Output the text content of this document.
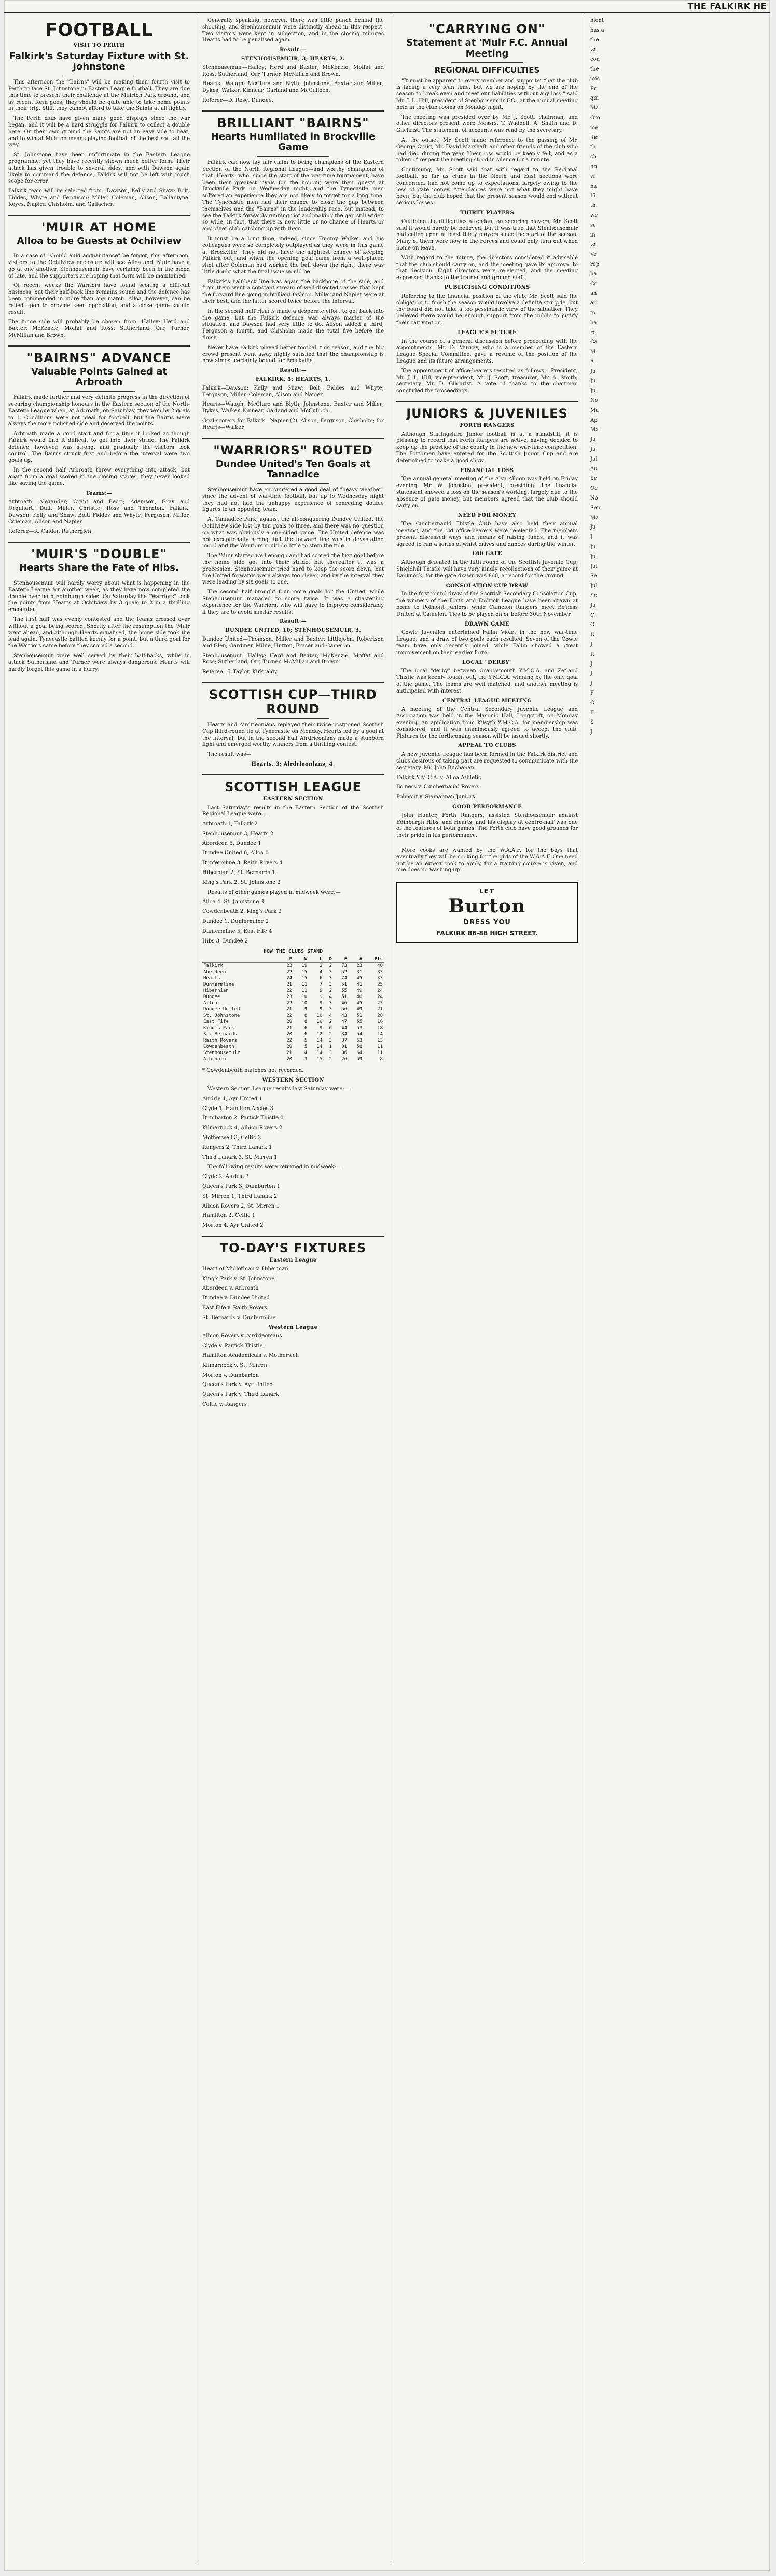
THE FALKIRK HE
FOOTBALL
VISIT TO PERTH
Falkirk's Saturday Fixture with St. Johnstone

This afternoon the "Bairns" will be making their fourth visit to Perth to face St. Johnstone in Eastern League football. They are due this time to present their challenge at the Muirton Park ground, and as recent form goes, they should be quite able to take home points in their trip. Still, they cannot afford to take the Saints at all lightly.

The Perth club have given many good displays since the war began, and it will be a hard struggle for Falkirk to collect a double here. On their own ground the Saints are not an easy side to beat, and to win at Muirton means playing football of the best sort all the way.

St. Johnstone have been unfortunate in the Eastern League programme, yet they have recently shown much better form. Their attack has given trouble to several sides, and with Dawson again likely to command the defence, Falkirk will not be left with much scope for error.

Falkirk team will be selected from—Dawson, Kelly and Shaw; Bolt, Fiddes, Whyte and Ferguson; Miller, Coleman, Alison, Ballantyne, Keyes, Napier, Chisholm, and Gallacher.

'MUIR AT HOME
Alloa to be Guests at Ochilview

In a case of "should auld acquaintance" be forgot, this afternoon, visitors to the Ochilview enclosure will see Alloa and 'Muir have a go at one another. Stenhousemuir have certainly been in the mood of late, and the supporters are hoping that form will be maintained.

Of recent weeks the Warriors have found scoring a difficult business, but their half-back line remains sound and the defence has been commended in more than one match. Alloa, however, can be relied upon to provide keen opposition, and a close game should result.

The home side will probably be chosen from—Halley; Herd and Baxter; McKenzie, Moffat and Ross; Sutherland, Orr, Turner, McMillan and Brown.

"BAIRNS" ADVANCE
Valuable Points Gained at Arbroath

Falkirk made further and very definite progress in the direction of securing championship honours in the Eastern section of the North-Eastern League when, at Arbroath, on Saturday, they won by 2 goals to 1. Conditions were not ideal for football, but the Bairns were always the more polished side and deserved the points.

Arbroath made a good start and for a time it looked as though Falkirk would find it difficult to get into their stride. The Falkirk defence, however, was strong, and gradually the visitors took control. The Bairns struck first and before the interval were two goals up.

In the second half Arbroath threw everything into attack, but apart from a goal scored in the closing stages, they never looked like saving the game.

Teams:—

Arbroath: Alexander; Craig and Becci; Adamson, Gray and Urquhart; Duff, Miller, Christie, Ross and Thornton. Falkirk: Dawson; Kelly and Shaw; Bolt, Fiddes and Whyte; Ferguson, Miller, Coleman, Alison and Napier.

Referee—R. Calder, Rutherglen.

'MUIR'S "DOUBLE"
Hearts Share the Fate of Hibs.

Stenhousemuir will hardly worry about what is happening in the Eastern League for another week, as they have now completed the double over both Edinburgh sides. On Saturday the "Warriors" took the points from Hearts at Ochilview by 3 goals to 2 in a thrilling encounter.

The first half was evenly contested and the teams crossed over without a goal being scored. Shortly after the resumption the 'Muir went ahead, and although Hearts equalised, the home side took the lead again. Tynecastle battled keenly for a point, but a third goal for the Warriors came before they scored a second.

Stenhousemuir were well served by their half-backs, while in attack Sutherland and Turner were always dangerous. Hearts will hardly forget this game in a hurry.

Generally speaking, however, there was little punch behind the shooting, and Stenhousemuir were distinctly ahead in this respect. Two visitors were kept in subjection, and in the closing minutes Hearts had to be penalised again.

Result:—
STENHOUSEMUIR, 3; HEARTS, 2.

Stenhousemuir—Halley; Herd and Baxter; McKenzie, Moffat and Ross; Sutherland, Orr, Turner, McMillan and Brown.

Hearts—Waugh; McClure and Blyth; Johnstone, Baxter and Miller; Dykes, Walker, Kinnear, Garland and McCulloch.

Referee—D. Rose, Dundee.

BRILLIANT "BAIRNS"
Hearts Humiliated in Brockville Game

Falkirk can now lay fair claim to being champions of the Eastern Section of the North Regional League—and worthy champions of that. Hearts, who, since the start of the war-time tournament, have been their greatest rivals for the honour, were their guests at Brockville Park on Wednesday night, and the Tynecastle men suffered an experience they are not likely to forget for a long time. The Tynecastle men had their chance to close the gap between themselves and the "Bairns" in the leadership race, but instead, to see the Falkirk forwards running riot and making the gap still wider, so wide, in fact, that there is now little or no chance of Hearts or any other club catching up with them.

It must be a long time, indeed, since Tommy Walker and his colleagues were so completely outplayed as they were in this game at Brockville. They did not have the slightest chance of keeping Falkirk out, and when the opening goal came from a well-placed shot after Coleman had worked the ball down the right, there was little doubt what the final issue would be.

Falkirk's half-back line was again the backbone of the side, and from them went a constant stream of well-directed passes that kept the forward line going in brilliant fashion. Miller and Napier were at their best, and the latter scored twice before the interval.

In the second half Hearts made a desperate effort to get back into the game, but the Falkirk defence was always master of the situation, and Dawson had very little to do. Alison added a third, Ferguson a fourth, and Chisholm made the total five before the finish.

Never have Falkirk played better football this season, and the big crowd present went away highly satisfied that the championship is now almost certainly bound for Brockville.

Result:—
FALKIRK, 5; HEARTS, 1.

Falkirk—Dawson; Kelly and Shaw; Bolt, Fiddes and Whyte; Ferguson, Miller, Coleman, Alison and Napier.

Hearts—Waugh; McClure and Blyth; Johnstone, Baxter and Miller; Dykes, Walker, Kinnear, Garland and McCulloch.

Goal-scorers for Falkirk—Napier (2), Alison, Ferguson, Chisholm; for Hearts—Walker.

"WARRIORS" ROUTED
Dundee United's Ten Goals at Tannadice

Stenhousemuir have encountered a good deal of "heavy weather" since the advent of war-time football, but up to Wednesday night they had not had the unhappy experience of conceding double figures to an opposing team.

At Tannadice Park, against the all-conquering Dundee United, the Ochilview side lost by ten goals to three, and there was no question on what was obviously a one-sided game. The United defence was not exceptionally strong, but the forward line was in devastating mood and the Warriors could do little to stem the tide.

The 'Muir started well enough and had scored the first goal before the home side got into their stride, but thereafter it was a procession. Stenhousemuir tried hard to keep the score down, but the United forwards were always too clever, and by the interval they were leading by six goals to one.

The second half brought four more goals for the United, while Stenhousemuir managed to score twice. It was a chastening experience for the Warriors, who will have to improve considerably if they are to avoid similar results.

Result:—
DUNDEE UNITED, 10; STENHOUSEMUIR, 3.

Dundee United—Thomson; Miller and Baxter; Littlejohn, Robertson and Glen; Gardiner, Milne, Hutton, Fraser and Cameron.

Stenhousemuir—Halley; Herd and Baxter; McKenzie, Moffat and Ross; Sutherland, Orr, Turner, McMillan and Brown.

Referee—J. Taylor, Kirkcaldy.

SCOTTISH CUP—THIRD ROUND

Hearts and Airdrieonians replayed their twice-postponed Scottish Cup third-round tie at Tynecastle on Monday. Hearts led by a goal at the interval, but in the second half Airdrieonians made a stubborn fight and emerged worthy winners from a thrilling contest.

The result was—

Hearts, 3; Airdrieonians, 4.
SCOTTISH LEAGUE
EASTERN SECTION

Last Saturday's results in the Eastern Section of the Scottish Regional League were:—

Arbroath 1, Falkirk 2
Stenhousemuir 3, Hearts 2
Aberdeen 5, Dundee 1
Dundee United 6, Alloa 0
Dunfermline 3, Raith Rovers 4
Hibernian 2, St. Bernards 1
King's Park 2, St. Johnstone 2

Results of other games played in midweek were:—

Alloa 4, St. Johnstone 3
Cowdenbeath 2, King's Park 2
Dundee 1, Dunfermline 2
Dunfermline 5, East Fife 4
Hibs 3, Dundee 2
HOW THE CLUBS STAND
	P	W	L	D	F	A	Pts
Falkirk	23	19	2	2	73	23	40
Aberdeen	22	15	4	3	52	31	33
Hearts	24	15	6	3	74	45	33
Dunfermline	21	11	7	3	51	41	25
Hibernian	22	11	9	2	55	49	24
Dundee	23	10	9	4	51	46	24
Alloa	22	10	9	3	46	45	23
Dundee United	21	9	9	3	56	49	21
St. Johnstone	22	8	10	4	43	51	20
East Fife	20	8	10	2	47	55	18
King's Park	21	6	9	6	44	53	18
St. Bernards	20	6	12	2	34	54	14
Raith Rovers	22	5	14	3	37	63	13
Cowdenbeath	20	5	14	1	31	58	11
Stenhousemuir	21	4	14	3	36	64	11
Arbroath	20	3	15	2	26	59	8
* Cowdenbeath matches not recorded.
WESTERN SECTION

Western Section League results last Saturday were:—

Airdrie 4, Ayr United 1
Clyde 1, Hamilton Accies 3
Dumbarton 2, Partick Thistle 0
Kilmarnock 4, Albion Rovers 2
Motherwell 3, Celtic 2
Rangers 2, Third Lanark 1
Third Lanark 3, St. Mirren 1

The following results were returned in midweek:—

Clyde 2, Airdrie 3
Queen's Park 3, Dumbarton 1
St. Mirren 1, Third Lanark 2
Albion Rovers 2, St. Mirren 1
Hamilton 2, Celtic 1
Morton 4, Ayr United 2
TO-DAY'S FIXTURES
Eastern League
Heart of Midlothian v. Hibernian
King's Park v. St. Johnstone
Aberdeen v. Arbroath
Dundee v. Dundee United
East Fife v. Raith Rovers
St. Bernards v. Dunfermline
Western League
Albion Rovers v. Airdrieonians
Clyde v. Partick Thistle
Hamilton Academicals v. Motherwell
Kilmarnock v. St. Mirren
Morton v. Dumbarton
Queen's Park v. Ayr United
Queen's Park v. Third Lanark
Celtic v. Rangers
"CARRYING ON"
Statement at 'Muir F.C. Annual Meeting
REGIONAL DIFFICULTIES

"It must be apparent to every member and supporter that the club is facing a very lean time, but we are hoping by the end of the season to break even and meet our liabilities without any loss," said Mr. J. L. Hill, president of Stenhousemuir F.C., at the annual meeting held in the club rooms on Monday night.

The meeting was presided over by Mr. J. Scott, chairman, and other directors present were Messrs. T. Waddell, A. Smith and D. Gilchrist. The statement of accounts was read by the secretary.

At the outset, Mr. Scott made reference to the passing of Mr. George Craig, Mr. David Marshall, and other friends of the club who had died during the year. Their loss would be keenly felt, and as a token of respect the meeting stood in silence for a minute.

Continuing, Mr. Scott said that with regard to the Regional football, so far as clubs in the North and East sections were concerned, had not come up to expectations, largely owing to the loss of gate money. Attendances were not what they might have been, but the club hoped that the present season would end without serious losses.

THIRTY PLAYERS

Outlining the difficulties attendant on securing players, Mr. Scott said it would hardly be believed, but it was true that Stenhousemuir had called upon at least thirty players since the start of the season. Many of them were now in the Forces and could only turn out when home on leave.

With regard to the future, the directors considered it advisable that the club should carry on, and the meeting gave its approval to that decision. Eight directors were re-elected, and the meeting expressed thanks to the trainer and ground staff.

PUBLICISING CONDITIONS

Referring to the financial position of the club, Mr. Scott said the obligation to finish the season would involve a definite struggle, but the board did not take a too pessimistic view of the situation. They believed there would be enough support from the public to justify their carrying on.

LEAGUE'S FUTURE

In the course of a general discussion before proceeding with the appointments, Mr. D. Murray, who is a member of the Eastern League Special Committee, gave a resume of the position of the League and its future arrangements.

The appointment of office-bearers resulted as follows:—President, Mr. J. L. Hill; vice-president, Mr. J. Scott; treasurer, Mr. A. Smith; secretary, Mr. D. Gilchrist. A vote of thanks to the chairman concluded the proceedings.

JUNIORS & JUVENILES
FORTH RANGERS

Although Stirlingshire Junior football is at a standstill, it is pleasing to record that Forth Rangers are active, having decided to keep up the prestige of the county in the new war-time competition. The Forthmen have entered for the Scottish Junior Cup and are determined to make a good show.

FINANCIAL LOSS

The annual general meeting of the Alva Albion was held on Friday evening, Mr. W. Johnston, president, presiding. The financial statement showed a loss on the season's working, largely due to the absence of gate money, but members agreed that the club should carry on.

NEED FOR MONEY

The Cumbernauld Thistle Club have also held their annual meeting, and the old office-bearers were re-elected. The members present discussed ways and means of raising funds, and it was agreed to run a series of whist drives and dances during the winter.

£60 GATE

Although defeated in the fifth round of the Scottish Juvenile Cup, Shieldhill Thistle will have very kindly recollections of their game at Banknock, for the gate drawn was £60, a record for the ground.

CONSOLATION CUP DRAW

In the first round draw of the Scottish Secondary Consolation Cup, the winners of the Forth and Endrick League have been drawn at home to Polmont Juniors, while Camelon Rangers meet Bo'ness United at Camelon. Ties to be played on or before 30th November.

DRAWN GAME

Cowie Juveniles entertained Fallin Violet in the new war-time League, and a draw of two goals each resulted. Seven of the Cowie team have only recently joined, while Fallin showed a great improvement on their earlier form.

LOCAL "DERBY"

The local "derby" between Grangemouth Y.M.C.A. and Zetland Thistle was keenly fought out, the Y.M.C.A. winning by the only goal of the game. The teams are well matched, and another meeting is anticipated with interest.

CENTRAL LEAGUE MEETING

A meeting of the Central Secondary Juvenile League and Association was held in the Masonic Hall, Longcroft, on Monday evening. An application from Kilsyth Y.M.C.A. for membership was considered, and it was unanimously agreed to accept the club. Fixtures for the forthcoming season will be issued shortly.

APPEAL TO CLUBS

A new Juvenile League has been formed in the Falkirk district and clubs desirous of taking part are requested to communicate with the secretary, Mr. John Buchanan.

Falkirk Y.M.C.A. v. Alloa Athletic
Bo'ness v. Cumbernauld Rovers
Polmont v. Slamannan Juniors
GOOD PERFORMANCE

John Hunter, Forth Rangers, assisted Stenhousemuir against Edinburgh Hibs. and Hearts, and his display at centre-half was one of the features of both games. The Forth club have good grounds for their pride in his performance.

More cooks are wanted by the W.A.A.F. for the boys that eventually they will be cooking for the girls of the W.A.A.F. One need not be an expert cook to apply, for a training course is given, and one does no washing-up!

LET
Burton
DRESS YOU
FALKIRK 86-88 HIGH STREET.
ment
has a
the
to
con
the
mis
Pr
qui
Ma
Gro
me
foo
th
ch
no
vi
ha
Fi
th
we
se
in
to
Ve
rep
ha
Co
an
ar
to
ha
ro
Ca
M
A
Ju
Ju
Ju
No
Ma
Ap
Ma
Ju
Ju
Jul
Au
Se
Oc
No
Sep
Ma
Ju
J
Ju
Ju
Jul
Se
Jul
Se
Ju
C
C
R
J
R
J
J
J
F
C
F
S
J
